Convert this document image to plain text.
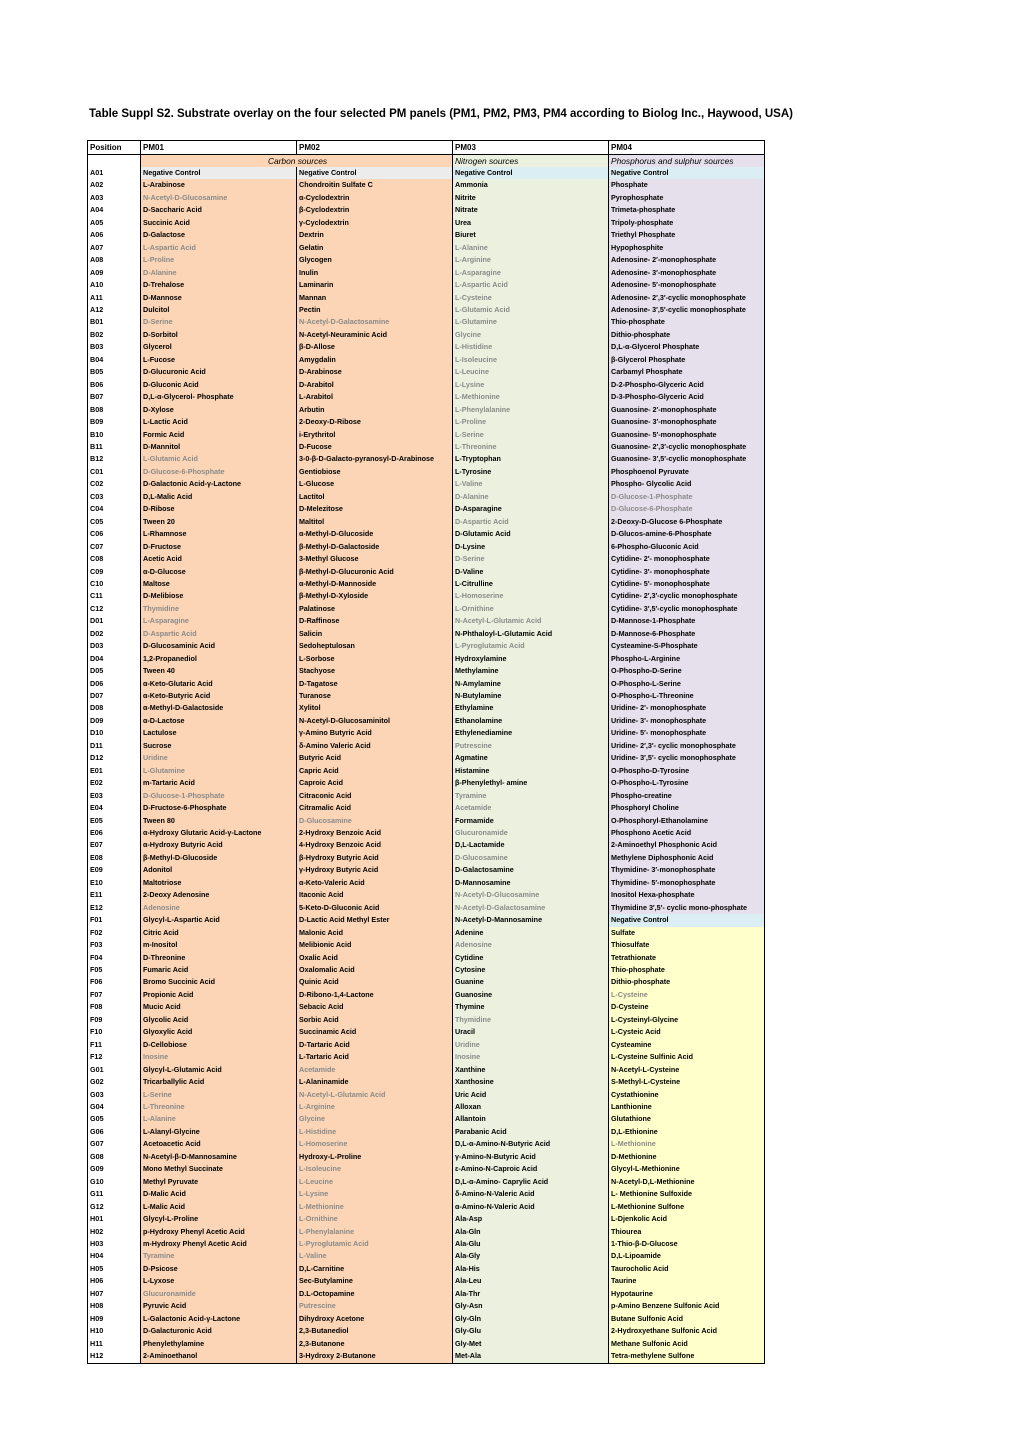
Table Suppl S2. Substrate overlay on the four selected PM panels (PM1, PM2, PM3, PM4 according to Biolog Inc., Haywood, USA)
Position	PM01	PM02	PM03	PM04
	Carbon sources		Nitrogen sources	Phosphorus and sulphur sources
A01	Negative Control	Negative Control	Negative Control	Negative Control
A02	L-Arabinose	Chondroitin Sulfate C	Ammonia	Phosphate
A03	N-Acetyl-D-Glucosamine	α-Cyclodextrin	Nitrite	Pyrophosphate
A04	D-Saccharic Acid	β-Cyclodextrin	Nitrate	Trimeta-phosphate
A05	Succinic Acid	γ-Cyclodextrin	Urea	Tripoly-phosphate
A06	D-Galactose	Dextrin	Biuret	Triethyl Phosphate
A07	L-Aspartic Acid	Gelatin	L-Alanine	Hypophosphite
A08	L-Proline	Glycogen	L-Arginine	Adenosine- 2′-monophosphate
A09	D-Alanine	Inulin	L-Asparagine	Adenosine- 3′-monophosphate
A10	D-Trehalose	Laminarin	L-Aspartic Acid	Adenosine- 5′-monophosphate
A11	D-Mannose	Mannan	L-Cysteine	Adenosine- 2′,3′-cyclic monophosphate
A12	Dulcitol	Pectin	L-Glutamic Acid	Adenosine- 3′,5′-cyclic monophosphate
B01	D-Serine	N-Acetyl-D-Galactosamine	L-Glutamine	Thio-phosphate
B02	D-Sorbitol	N-Acetyl-Neuraminic Acid	Glycine	Dithio-phosphate
B03	Glycerol	β-D-Allose	L-Histidine	D,L-α-Glycerol Phosphate
B04	L-Fucose	Amygdalin	L-Isoleucine	β-Glycerol Phosphate
B05	D-Glucuronic Acid	D-Arabinose	L-Leucine	Carbamyl Phosphate
B06	D-Gluconic Acid	D-Arabitol	L-Lysine	D-2-Phospho-Glyceric Acid
B07	D,L-α-Glycerol- Phosphate	L-Arabitol	L-Methionine	D-3-Phospho-Glyceric Acid
B08	D-Xylose	Arbutin	L-Phenylalanine	Guanosine- 2′-monophosphate
B09	L-Lactic Acid	2-Deoxy-D-Ribose	L-Proline	Guanosine- 3′-monophosphate
B10	Formic Acid	i-Erythritol	L-Serine	Guanosine- 5′-monophosphate
B11	D-Mannitol	D-Fucose	L-Threonine	Guanosine- 2′,3′-cyclic monophosphate
B12	L-Glutamic Acid	3-0-β-D-Galacto-pyranosyl-D-Arabinose	L-Tryptophan	Guanosine- 3′,5′-cyclic monophosphate
C01	D-Glucose-6-Phosphate	Gentiobiose	L-Tyrosine	Phosphoenol Pyruvate
C02	D-Galactonic Acid-γ-Lactone	L-Glucose	L-Valine	Phospho- Glycolic Acid
C03	D,L-Malic Acid	Lactitol	D-Alanine	D-Glucose-1-Phosphate
C04	D-Ribose	D-Melezitose	D-Asparagine	D-Glucose-6-Phosphate
C05	Tween 20	Maltitol	D-Aspartic Acid	2-Deoxy-D-Glucose 6-Phosphate
C06	L-Rhamnose	α-Methyl-D-Glucoside	D-Glutamic Acid	D-Glucos-amine-6-Phosphate
C07	D-Fructose	β-Methyl-D-Galactoside	D-Lysine	6-Phospho-Gluconic Acid
C08	Acetic Acid	3-Methyl Glucose	D-Serine	Cytidine- 2′- monophosphate
C09	α-D-Glucose	β-Methyl-D-Glucuronic Acid	D-Valine	Cytidine- 3′- monophosphate
C10	Maltose	α-Methyl-D-Mannoside	L-Citrulline	Cytidine- 5′- monophosphate
C11	D-Melibiose	β-Methyl-D-Xyloside	L-Homoserine	Cytidine- 2′,3′-cyclic monophosphate
C12	Thymidine	Palatinose	L-Ornithine	Cytidine- 3′,5′-cyclic monophosphate
D01	L-Asparagine	D-Raffinose	N-Acetyl-L-Glutamic Acid	D-Mannose-1-Phosphate
D02	D-Aspartic Acid	Salicin	N-Phthaloyl-L-Glutamic Acid	D-Mannose-6-Phosphate
D03	D-Glucosaminic Acid	Sedoheptulosan	L-Pyroglutamic Acid	Cysteamine-S-Phosphate
D04	1,2-Propanediol	L-Sorbose	Hydroxylamine	Phospho-L-Arginine
D05	Tween 40	Stachyose	Methylamine	O-Phospho-D-Serine
D06	α-Keto-Glutaric Acid	D-Tagatose	N-Amylamine	O-Phospho-L-Serine
D07	α-Keto-Butyric Acid	Turanose	N-Butylamine	O-Phospho-L-Threonine
D08	α-Methyl-D-Galactoside	Xylitol	Ethylamine	Uridine- 2′- monophosphate
D09	α-D-Lactose	N-Acetyl-D-Glucosaminitol	Ethanolamine	Uridine- 3′- monophosphate
D10	Lactulose	γ-Amino Butyric Acid	Ethylenediamine	Uridine- 5′- monophosphate
D11	Sucrose	δ-Amino Valeric Acid	Putrescine	Uridine- 2′,3′- cyclic monophosphate
D12	Uridine	Butyric Acid	Agmatine	Uridine- 3′,5′- cyclic monophosphate
E01	L-Glutamine	Capric Acid	Histamine	O-Phospho-D-Tyrosine
E02	m-Tartaric Acid	Caproic Acid	β-Phenylethyl- amine	O-Phospho-L-Tyrosine
E03	D-Glucose-1-Phosphate	Citraconic Acid	Tyramine	Phospho-creatine
E04	D-Fructose-6-Phosphate	Citramalic Acid	Acetamide	Phosphoryl Choline
E05	Tween 80	D-Glucosamine	Formamide	O-Phosphoryl-Ethanolamine
E06	α-Hydroxy Glutaric Acid-γ-Lactone	2-Hydroxy Benzoic Acid	Glucuronamide	Phosphono Acetic Acid
E07	α-Hydroxy Butyric Acid	4-Hydroxy Benzoic Acid	D,L-Lactamide	2-Aminoethyl Phosphonic Acid
E08	β-Methyl-D-Glucoside	β-Hydroxy Butyric Acid	D-Glucosamine	Methylene Diphosphonic Acid
E09	Adonitol	γ-Hydroxy Butyric Acid	D-Galactosamine	Thymidine- 3′-monophosphate
E10	Maltotriose	α-Keto-Valeric Acid	D-Mannosamine	Thymidine- 5′-monophosphate
E11	2-Deoxy Adenosine	Itaconic Acid	N-Acetyl-D-Glucosamine	Inositol Hexa-phosphate
E12	Adenosine	5-Keto-D-Gluconic Acid	N-Acetyl-D-Galactosamine	Thymidine 3′,5′- cyclic mono-phosphate
F01	Glycyl-L-Aspartic Acid	D-Lactic Acid Methyl Ester	N-Acetyl-D-Mannosamine	Negative Control
F02	Citric Acid	Malonic Acid	Adenine	Sulfate
F03	m-Inositol	Melibionic Acid	Adenosine	Thiosulfate
F04	D-Threonine	Oxalic Acid	Cytidine	Tetrathionate
F05	Fumaric Acid	Oxalomalic Acid	Cytosine	Thio-phosphate
F06	Bromo Succinic Acid	Quinic Acid	Guanine	Dithio-phosphate
F07	Propionic Acid	D-Ribono-1,4-Lactone	Guanosine	L-Cysteine
F08	Mucic Acid	Sebacic Acid	Thymine	D-Cysteine
F09	Glycolic Acid	Sorbic Acid	Thymidine	L-Cysteinyl-Glycine
F10	Glyoxylic Acid	Succinamic Acid	Uracil	L-Cysteic Acid
F11	D-Cellobiose	D-Tartaric Acid	Uridine	Cysteamine
F12	Inosine	L-Tartaric Acid	Inosine	L-Cysteine Sulfinic Acid
G01	Glycyl-L-Glutamic Acid	Acetamide	Xanthine	N-Acetyl-L-Cysteine
G02	Tricarballylic Acid	L-Alaninamide	Xanthosine	S-Methyl-L-Cysteine
G03	L-Serine	N-Acetyl-L-Glutamic Acid	Uric Acid	Cystathionine
G04	L-Threonine	L-Arginine	Alloxan	Lanthionine
G05	L-Alanine	Glycine	Allantoin	Glutathione
G06	L-Alanyl-Glycine	L-Histidine	Parabanic Acid	D,L-Ethionine
G07	Acetoacetic Acid	L-Homoserine	D,L-α-Amino-N-Butyric Acid	L-Methionine
G08	N-Acetyl-β-D-Mannosamine	Hydroxy-L-Proline	γ-Amino-N-Butyric Acid	D-Methionine
G09	Mono Methyl Succinate	L-Isoleucine	ε-Amino-N-Caproic Acid	Glycyl-L-Methionine
G10	Methyl Pyruvate	L-Leucine	D,L-α-Amino- Caprylic Acid	N-Acetyl-D,L-Methionine
G11	D-Malic Acid	L-Lysine	δ-Amino-N-Valeric Acid	L- Methionine Sulfoxide
G12	L-Malic Acid	L-Methionine	α-Amino-N-Valeric Acid	L-Methionine Sulfone
H01	Glycyl-L-Proline	L-Ornithine	Ala-Asp	L-Djenkolic Acid
H02	p-Hydroxy Phenyl Acetic Acid	L-Phenylalanine	Ala-Gln	Thiourea
H03	m-Hydroxy Phenyl Acetic Acid	L-Pyroglutamic Acid	Ala-Glu	1-Thio-β-D-Glucose
H04	Tyramine	L-Valine	Ala-Gly	D,L-Lipoamide
H05	D-Psicose	D,L-Carnitine	Ala-His	Taurocholic Acid
H06	L-Lyxose	Sec-Butylamine	Ala-Leu	Taurine
H07	Glucuronamide	D.L-Octopamine	Ala-Thr	Hypotaurine
H08	Pyruvic Acid	Putrescine	Gly-Asn	p-Amino Benzene Sulfonic Acid
H09	L-Galactonic Acid-γ-Lactone	Dihydroxy Acetone	Gly-Gln	Butane Sulfonic Acid
H10	D-Galacturonic Acid	2,3-Butanediol	Gly-Glu	2-Hydroxyethane Sulfonic Acid
H11	Phenylethylamine	2,3-Butanone	Gly-Met	Methane Sulfonic Acid
H12	2-Aminoethanol	3-Hydroxy 2-Butanone	Met-Ala	Tetra-methylene Sulfone
